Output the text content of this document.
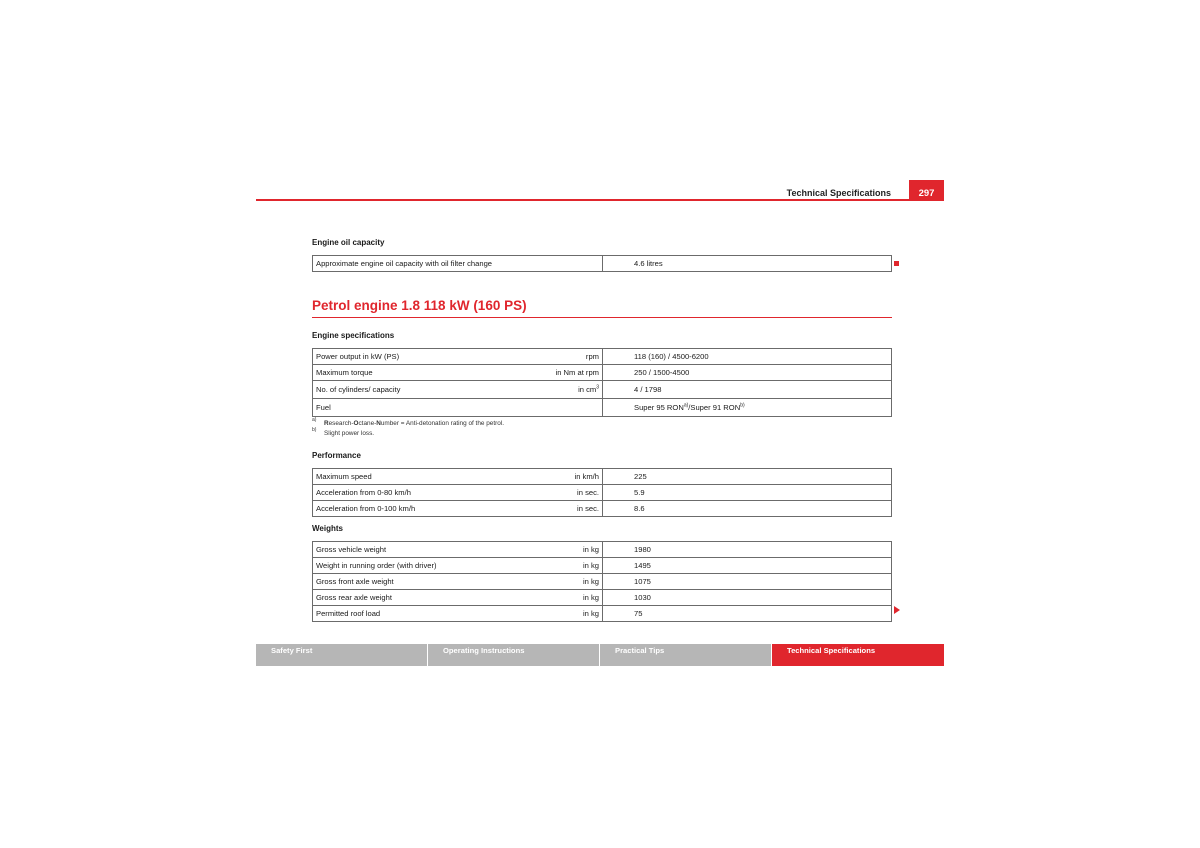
Technical Specifications	297
Engine oil capacity
Approximate engine oil capacity with oil filter change	4.6 litres
Petrol engine 1.8 118 kW (160 PS)
Engine specifications
Power output in kW (PS) rpm	118 (160) / 4500-6200

Maximum torque in Nm at rpm	250 / 1500-4500

No. of cylinders/ capacity in $cm^3$	4 / 1798

Fuel	Super 95 RON$^{a)}$/Super 91 RON$^{b)}$
a) Research-Octane-Number = Anti-detonation rating of the petrol.
b) Slight power loss.
Performance
Maximum speed in km/h	225

Acceleration from 0-80 km/h in sec.	5.9

Acceleration from 0-100 km/h in sec.	8.6
Weights
Gross vehicle weight in kg	1980

Weight in running order (with driver) in kg	1495

Gross front axle weight in kg	1075

Gross rear axle weight in kg	1030

Permitted roof load in kg	75
Safety First	Operating Instructions	Practical Tips	Technical Specifications
